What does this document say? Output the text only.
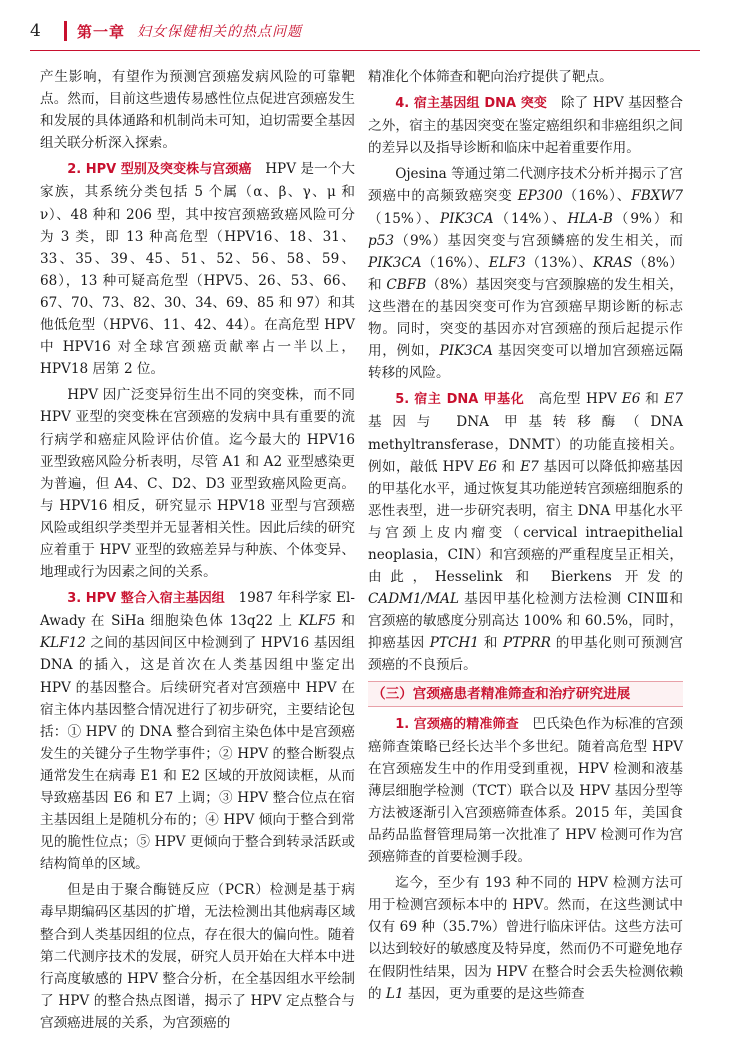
4	第一章 妇女保健相关的热点问题

产生影响，有望作为预测宫颈癌发病风险的可靠靶点。然而，目前这些遗传易感性位点促进宫颈癌发生和发展的具体通路和机制尚未可知，迫切需要全基因组关联分析深入探索。

2. HPV 型别及突变株与宫颈癌　 HPV 是一个大家族，其系统分类包括 5 个属（α、β、γ、μ 和 ν）、48 种和 206 型，其中按宫颈癌致癌风险可分为 3 类，即 13 种高危型（HPV16、18、31、33、35、39、45、51、52、56、58、59、68），13 种可疑高危型（HPV5、26、53、66、67、70、73、82、30、34、69、85 和 97）和其他低危型（HPV6、11、42、44）。在高危型 HPV 中 HPV16 对全球宫颈癌贡献率占一半以上，HPV18 居第 2 位。

HPV 因广泛变异衍生出不同的突变株，而不同 HPV 亚型的突变株在宫颈癌的发病中具有重要的流行病学和癌症风险评估价值。迄今最大的 HPV16 亚型致癌风险分析表明，尽管 A1 和 A2 亚型感染更为普遍，但 A4、C、D2、D3 亚型致癌风险更高。与 HPV16 相反，研究显示 HPV18 亚型与宫颈癌风险或组织学类型并无显著相关性。因此后续的研究应着重于 HPV 亚型的致癌差异与种族、个体变异、地理或行为因素之间的关系。

3. HPV 整合入宿主基因组　 1987 年科学家 El-Awady 在 SiHa 细胞染色体 13q22 上 KLF5 和 KLF12 之间的基因间区中检测到了 HPV16 基因组 DNA 的插入，这是首次在人类基因组中鉴定出 HPV 的基因整合。后续研究者对宫颈癌中 HPV 在宿主体内基因整合情况进行了初步研究，主要结论包括：① HPV 的 DNA 整合到宿主染色体中是宫颈癌发生的关键分子生物学事件；② HPV 的整合断裂点通常发生在病毒 E1 和 E2 区域的开放阅读框，从而导致癌基因 E6 和 E7 上调；③ HPV 整合位点在宿主基因组上是随机分布的；④ HPV 倾向于整合到常见的脆性位点；⑤ HPV 更倾向于整合到转录活跃或结构简单的区域。

但是由于聚合酶链反应（PCR）检测是基于病毒早期编码区基因的扩增，无法检测出其他病毒区域整合到人类基因组的位点，存在很大的偏向性。随着第二代测序技术的发展，研究人员开始在大样本中进行高度敏感的 HPV 整合分析，在全基因组水平绘制了 HPV 的整合热点图谱，揭示了 HPV 定点整合与宫颈癌进展的关系，为宫颈癌的

精准化个体筛查和靶向治疗提供了靶点。

4. 宿主基因组 DNA 突变　 除了 HPV 基因整合之外，宿主的基因突变在鉴定癌组织和非癌组织之间的差异以及指导诊断和临床中起着重要作用。

Ojesina 等通过第二代测序技术分析并揭示了宫颈癌中的高频致癌突变 EP300（16%）、FBXW7（15%）、PIK3CA（14%）、HLA-B（9%）和 p53（9%）基因突变与宫颈鳞癌的发生相关，而 PIK3CA（16%）、ELF3（13%）、KRAS（8%）和 CBFB（8%）基因突变与宫颈腺癌的发生相关，这些潜在的基因突变可作为宫颈癌早期诊断的标志物。同时，突变的基因亦对宫颈癌的预后起提示作用，例如，PIK3CA 基因突变可以增加宫颈癌远隔转移的风险。

5. 宿主 DNA 甲基化　 高危型 HPV E6 和 E7 基因与 DNA 甲基转移酶（DNA methyltransferase，DNMT）的功能直接相关。例如，敲低 HPV E6 和 E7 基因可以降低抑癌基因的甲基化水平，通过恢复其功能逆转宫颈癌细胞系的恶性表型，进一步研究表明，宿主 DNA 甲基化水平与宫颈上皮内瘤变（cervical intraepithelial neoplasia，CIN）和宫颈癌的严重程度呈正相关，由此，Hesselink 和 Bierkens 开发的 CADM1/MAL 基因甲基化检测方法检测 CINⅢ和宫颈癌的敏感度分别高达 100% 和 60.5%，同时，抑癌基因 PTCH1 和 PTPRR 的甲基化则可预测宫颈癌的不良预后。

（三）宫颈癌患者精准筛查和治疗研究进展

1. 宫颈癌的精准筛查　 巴氏染色作为标准的宫颈癌筛查策略已经长达半个多世纪。随着高危型 HPV 在宫颈癌发生中的作用受到重视，HPV 检测和液基薄层细胞学检测（TCT）联合以及 HPV 基因分型等方法被逐渐引入宫颈癌筛查体系。2015 年，美国食品药品监督管理局第一次批准了 HPV 检测可作为宫颈癌筛查的首要检测手段。

迄今，至少有 193 种不同的 HPV 检测方法可用于检测宫颈标本中的 HPV。然而，在这些测试中仅有 69 种（35.7%）曾进行临床评估。这些方法可以达到较好的敏感度及特异度，然而仍不可避免地存在假阴性结果，因为 HPV 在整合时会丢失检测依赖的 L1 基因，更为重要的是这些筛查
